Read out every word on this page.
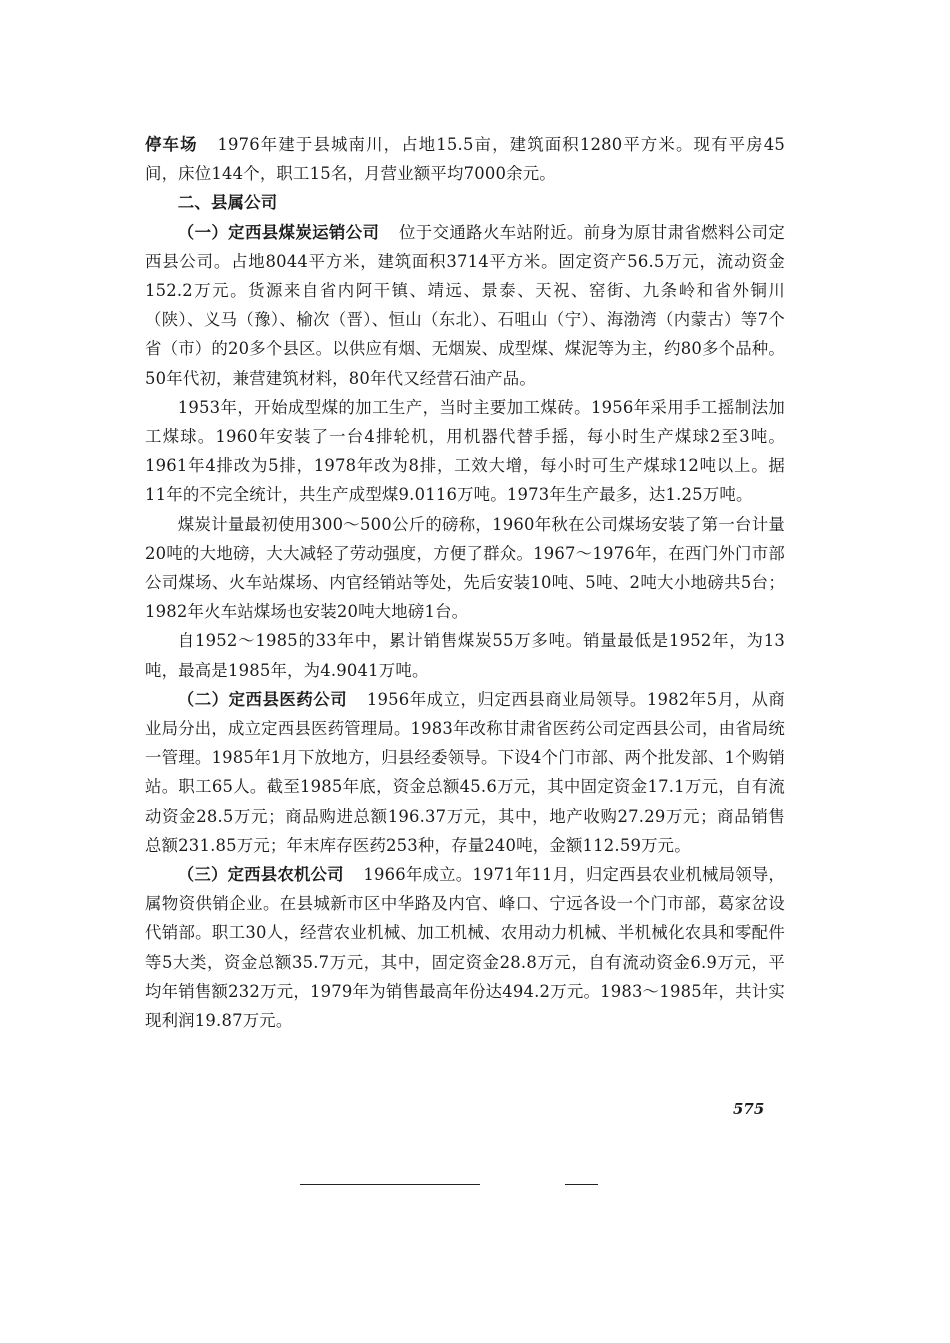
停车场 1976年建于县城南川，占地15.5亩，建筑面积1280平方米。现有平房45间，床位144个，职工15名，月营业额平均7000余元。

二、县属公司

（一）定西县煤炭运销公司 位于交通路火车站附近。前身为原甘肃省燃料公司定西县公司。占地8044平方米，建筑面积3714平方米。固定资产56.5万元，流动资金152.2万元。货源来自省内阿干镇、靖远、景泰、天祝、窑街、九条岭和省外铜川（陕）、义马（豫）、榆次（晋）、恒山（东北）、石咀山（宁）、海渤湾（内蒙古）等7个省（市）的20多个县区。以供应有烟、无烟炭、成型煤、煤泥等为主，约80多个品种。50年代初，兼营建筑材料，80年代又经营石油产品。

1953年，开始成型煤的加工生产，当时主要加工煤砖。1956年采用手工摇制法加工煤球。1960年安装了一台4排轮机，用机器代替手摇，每小时生产煤球2至3吨。1961年4排改为5排，1978年改为8排，工效大增，每小时可生产煤球12吨以上。据11年的不完全统计，共生产成型煤9.0116万吨。1973年生产最多，达1.25万吨。

煤炭计量最初使用300～500公斤的磅称，1960年秋在公司煤场安装了第一台计量20吨的大地磅，大大减轻了劳动强度，方便了群众。1967～1976年，在西门外门市部公司煤场、火车站煤场、内官经销站等处，先后安装10吨、5吨、2吨大小地磅共5台；1982年火车站煤场也安装20吨大地磅1台。

自1952～1985的33年中，累计销售煤炭55万多吨。销量最低是1952年，为13吨，最高是1985年，为4.9041万吨。

（二）定西县医药公司 1956年成立，归定西县商业局领导。1982年5月，从商业局分出，成立定西县医药管理局。1983年改称甘肃省医药公司定西县公司，由省局统一管理。1985年1月下放地方，归县经委领导。下设4个门市部、两个批发部、1个购销站。职工65人。截至1985年底，资金总额45.6万元，其中固定资金17.1万元，自有流动资金28.5万元；商品购进总额196.37万元，其中，地产收购27.29万元；商品销售总额231.85万元；年末库存医药253种，存量240吨，金额112.59万元。

（三）定西县农机公司 1966年成立。1971年11月，归定西县农业机械局领导，属物资供销企业。在县城新市区中华路及内官、峰口、宁远各设一个门市部，葛家岔设代销部。职工30人，经营农业机械、加工机械、农用动力机械、半机械化农具和零配件等5大类，资金总额35.7万元，其中，固定资金28.8万元，自有流动资金6.9万元，平均年销售额232万元，1979年为销售最高年份达494.2万元。1983～1985年，共计实现利润19.87万元。

575
